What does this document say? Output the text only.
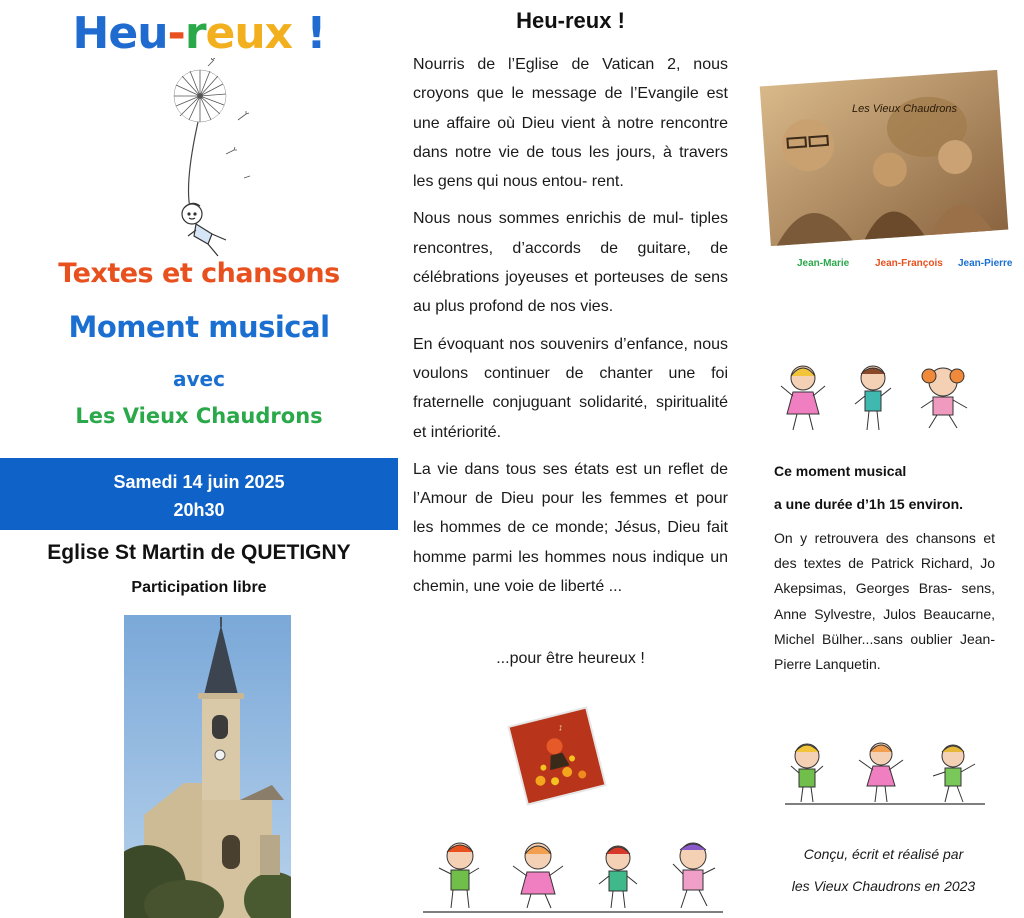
Heu-reux !
Textes et chansons
Moment musical
avec
Les Vieux Chaudrons
Samedi 14 juin 2025
20h30
Eglise St Martin de QUETIGNY
Participation libre
Heu-reux !

Nourris de l’Eglise de Vatican 2, nous croyons que le message de l’Evangile est une affaire où Dieu vient à notre rencontre dans notre vie de tous les jours, à travers les gens qui nous entou- rent.

Nous nous sommes enrichis de mul- tiples rencontres, d’accords de guitare, de célébrations joyeuses et porteuses de sens au plus profond de nos vies.

En évoquant nos souvenirs d’enfance, nous voulons continuer de chanter une foi fraternelle conjuguant solidarité, spiritualité et intériorité.

La vie dans tous ses états est un reflet de l’Amour de Dieu pour les femmes et pour les hommes de ce monde; Jésus, Dieu fait homme parmi les hommes nous indique un chemin, une voie de liberté ...

...pour être heureux !
♪
Les Vieux Chaudrons
Jean-Marie	Jean-François Jean-Pierre
Ce moment musical
a une durée d’1h 15 environ.
On y retrouvera des chansons et des textes de Patrick Richard, Jo Akepsimas, Georges Bras- sens, Anne Sylvestre, Julos Beaucarne, Michel Bülher...sans oublier Jean-Pierre Lanquetin.
Conçu, écrit et réalisé par
les Vieux Chaudrons en 2023
